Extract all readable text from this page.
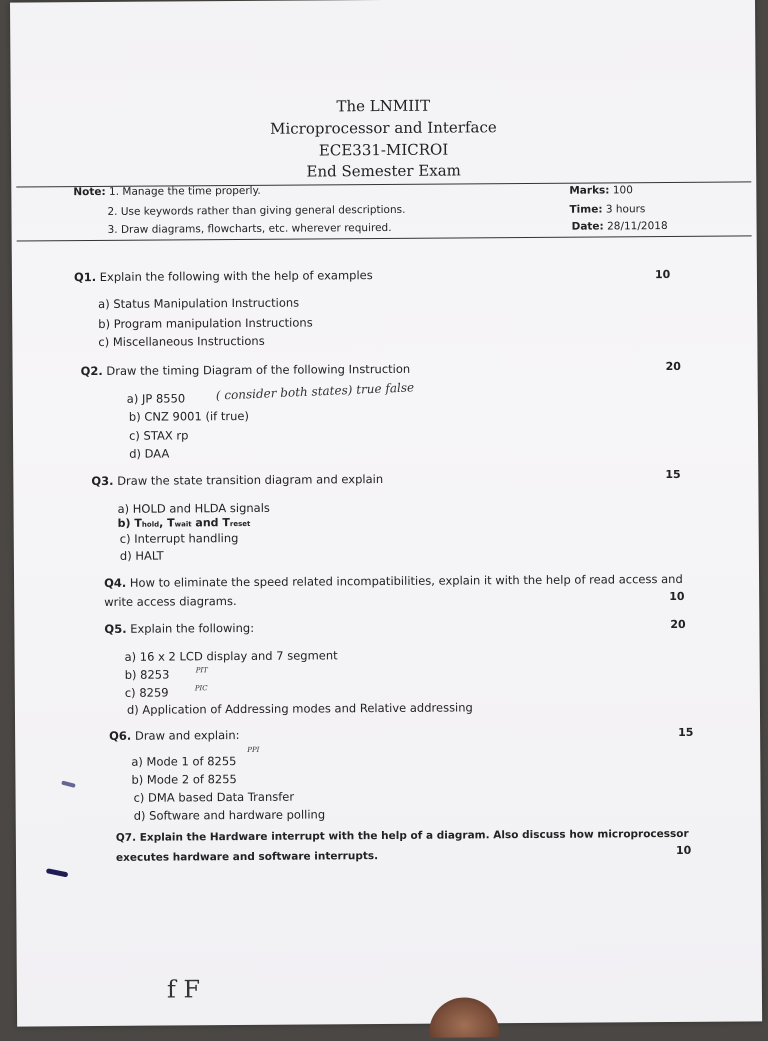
The LNMIIT
Microprocessor and Interface
ECE331-MICROI
End Semester Exam
Note: 1. Manage the time properly.
2. Use keywords rather than giving general descriptions.
3. Draw diagrams, flowcharts, etc. wherever required.
Marks: 100
Time: 3 hours
Date: 28/11/2018
Q1. Explain the following with the help of examples	10
a) Status Manipulation Instructions
b) Program manipulation Instructions
c) Miscellaneous Instructions
Q2. Draw the timing Diagram of the following Instruction	20
a) JP 8550	( consider both states) true false
b) CNZ 9001 (if true)
c) STAX rp
d) DAA
Q3. Draw the state transition diagram and explain	15
a) HOLD and HLDA signals
b) Thold, Twait and Treset
c) Interrupt handling
d) HALT
Q4. How to eliminate the speed related incompatibilities, explain it with the help of read access and
write access diagrams.	10
Q5. Explain the following:	20
a) 16 x 2 LCD display and 7 segment
b) 8253	PIT
c) 8259	PIC
d) Application of Addressing modes and Relative addressing
Q6. Draw and explain:	15
a) Mode 1 of 8255
PPI
b) Mode 2 of 8255
c) DMA based Data Transfer
d) Software and hardware polling
Q7. Explain the Hardware interrupt with the help of a diagram. Also discuss how microprocessor
executes hardware and software interrupts.	10
f F
